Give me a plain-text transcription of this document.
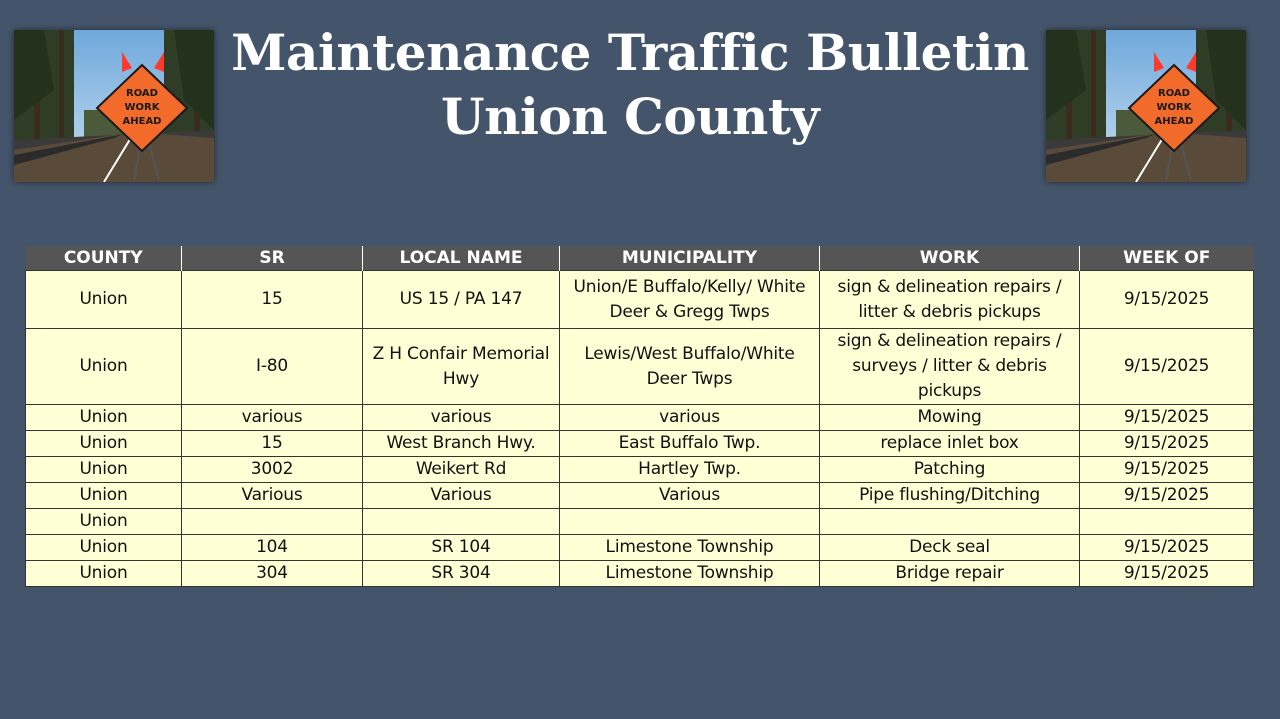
ROAD
WORK
AHEAD
ROAD
WORK
AHEAD
Maintenance Traffic Bulletin
Union County
COUNTY	SR	LOCAL NAME	MUNICIPALITY	WORK	WEEK OF
Union	15	US 15 / PA 147	Union/E Buffalo/Kelly/ White Deer & Gregg Twps	sign & delineation repairs / litter & debris pickups	9/15/2025
Union	I-80	Z H Confair Memorial Hwy	Lewis/West Buffalo/White Deer Twps	sign & delineation repairs / surveys / litter & debris pickups	9/15/2025
Union	various	various	various	Mowing	9/15/2025
Union	15	West Branch Hwy.	East Buffalo Twp.	replace inlet box	9/15/2025
Union	3002	Weikert Rd	Hartley Twp.	Patching	9/15/2025
Union	Various	Various	Various	Pipe flushing/Ditching	9/15/2025
Union					
Union	104	SR 104	Limestone Township	Deck seal	9/15/2025
Union	304	SR 304	Limestone Township	Bridge repair	9/15/2025
